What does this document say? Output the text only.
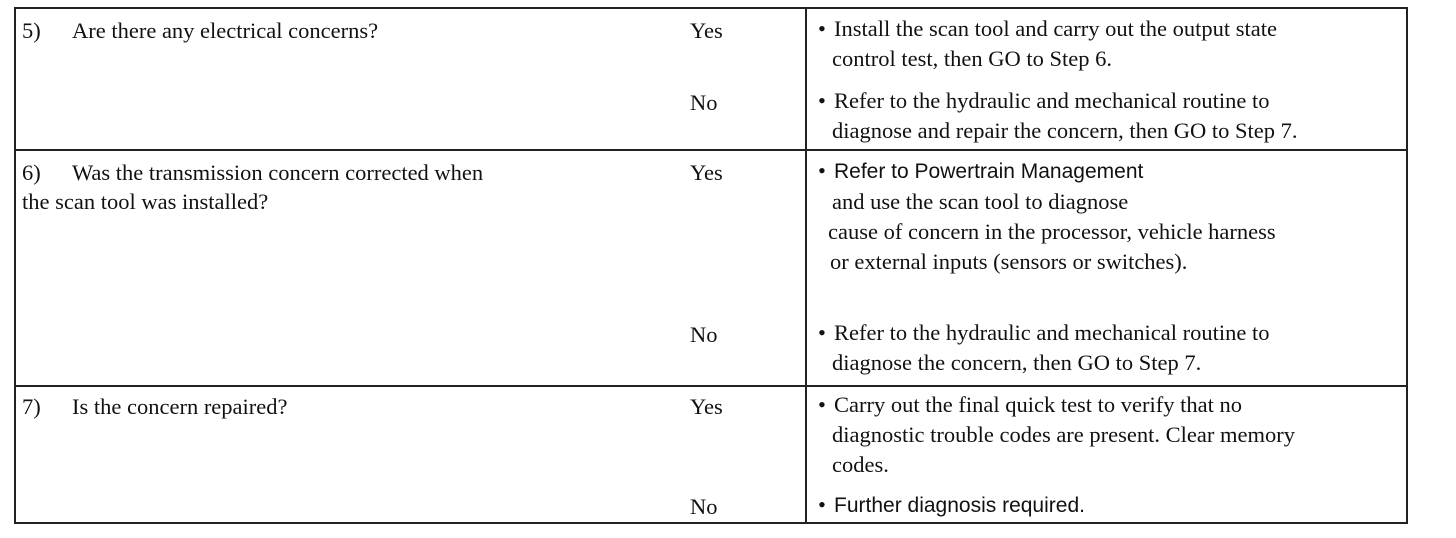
5) Are there any electrical concerns?	Yes	• Install the scan tool and carry out the output state
control test, then GO to Step 6.
No	• Refer to the hydraulic and mechanical routine to
diagnose and repair the concern, then GO to Step 7.
6) Was the transmission concern corrected when
the scan tool was installed?
Yes	• Refer to Powertrain Management
and use the scan tool to diagnose
cause of concern in the processor, vehicle harness
or external inputs (sensors or switches).
No	• Refer to the hydraulic and mechanical routine to
diagnose the concern, then GO to Step 7.
7) Is the concern repaired?	Yes	• Carry out the final quick test to verify that no
diagnostic trouble codes are present. Clear memory
codes.
No	• Further diagnosis required.
